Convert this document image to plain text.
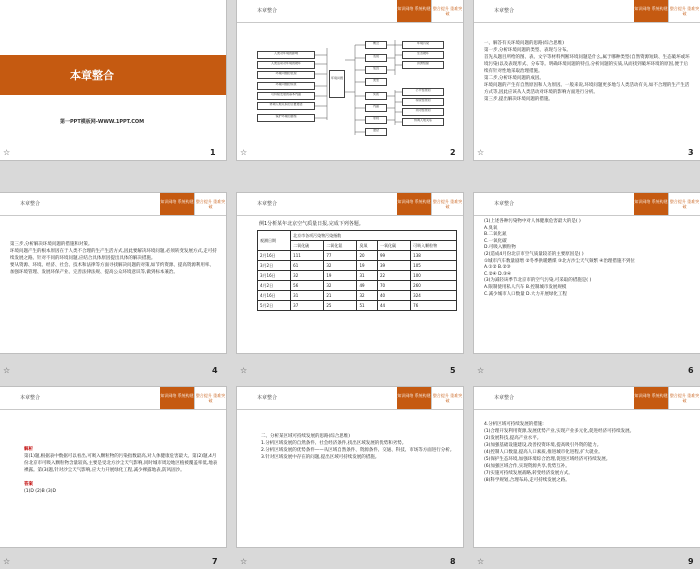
本章整合
第一PPT模板网-WWW.1PPT.COM
☆	1
本章整合	知识网络 系统构建 整合提升 重难突破
人类对环境的影响
人类活动对环境的破坏
环境问题的表现
环境问题的实质
可持续发展的基本内涵
协调人地关系的主要途径
保护环境的措施
环境问题
概念
表现
成因
类型
实质
内涵
原则
途径
环境污染
生态破坏
资源短缺
公平性原则
持续性原则
共同性原则
协调人地关系
☆	2
本章整合	知识网络 系统构建 整合提升 重难突破
一、解答有关环境问题的思路(综合思维)
第一步,分析环境问题的类型、表现与分布。
首先从题目所给的图、表、文字等材料判断环境问题是什么,属于哪种类型(自然资源短缺、生态破坏或环境污染)以及表现形式、分布等。明确环境问题的特点,分析问题的实质,从而找到破坏环境的原因,便于后续有针对性地采取治理措施。
第二步,分析环境问题的成因。
环境问题的产生有自然原因和人为原因。一般来说,环境问题更多地与人类活动有关,如不合理的生产生活方式等,因此应该从人类活动对环境的影响方面进行分析。
第三步,提出解决环境问题的措施。
☆	3
本章整合	知识网络 系统构建 整合提升 重难突破
第三步,分析解决环境问题的措施和对策。
环境问题产生的根本原因在于人类不合理的生产生活方式,因此要解决环境问题,必须转变发展方式,走可持续发展之路。针对不同的环境问题,应结合具体原因提出具体的解决措施。
要从资源、环境、经济、社会、技术和法律等方面寻找解决问题的对策,如节约资源、提高资源利用率、加强环境管理、发展环保产业、完善法律法规、提高公众环境意识等,做到标本兼治。
☆	4
本章整合	知识网络 系统构建 整合提升 重难突破
例1分析某年北京空气质量日报,完成下列各题。
观测日期	北京市各项污染物污染指数				
	二氧化硫	二氧化氮	臭氧	一氧化碳	可吸入颗粒物
2月16日	111	77	20	99	138
3月2日	61	32	19	39	105
3月16日	32	19	31	22	100
4月2日	56	32	49	70	260
4月16日	31	21	32	40	324
5月2日	37	25	51	44	76
☆	5
本章整合	知识网络 系统构建 整合提升 重难突破
(1)上述各种污染物中对人体健康危害最大的是( )
A.臭氧
B.二氧化氮
C.一氧化碳
D.可吸入颗粒物
(2)造成4月份北京市空气质量较差的主要原因是( )
①城市汽车数量剧增 ②冬季供暖燃煤 ③北方沙尘天气频繁 ④治理措施不到位
A.①② B.②③
C.②④ D.③④
(3)为减轻该季节北京市的空气污染,可采取的措施是( )
A.限制使用私人汽车 B.控制城市发展规模
C.减少城市人口数量 D.大力开展绿化工程
☆	6
本章整合	知识网络 系统构建 整合提升 重难突破

解析
第(1)题,根据表中数据可以看出,可吸入颗粒物的污染指数最高,对人体健康危害最大。第(2)题,4月份北京市可吸入颗粒物含量较高,主要是受北方沙尘天气影响,同时城市周边地区植被覆盖率低,地表裸露。第(3)题,针对沙尘天气影响,应大力开展绿化工程,减少裸露地表,防风固沙。

答案
(1)D (2)B (3)D

☆	7
本章整合	知识网络 系统构建 整合提升 重难突破
二、分析某区域可持续发展的思路(综合思维)
1.分析区域发展的自然条件、社会经济条件,找出区域发展的优势和劣势。
2.分析区域发展的优势条件——从区域自然条件、资源条件、交通、科技、市场等方面进行分析。
3.针对区域发展中存在的问题,提出区域可持续发展的措施。
☆	8
本章整合	知识网络 系统构建 整合提升 重难突破
4.分析区域可持续发展的措施:
(1)合理开发利用资源,发展优势产业,实现产业多元化,促进经济可持续发展。
(2)发展科技,提高产业水平。
(3)加强基础设施建设,改善投资环境,提高吸引外资的能力。
(4)控制人口数量,提高人口素质,推进城市化进程,扩大就业。
(5)保护生态环境,加强环境综合治理,促进区域经济可持续发展。
(6)加强区域合作,实现资源共享,优势互补。
(7)实施可持续发展战略,转变经济发展方式。
(8)科学规划,合理布局,走可持续发展之路。
☆	9
